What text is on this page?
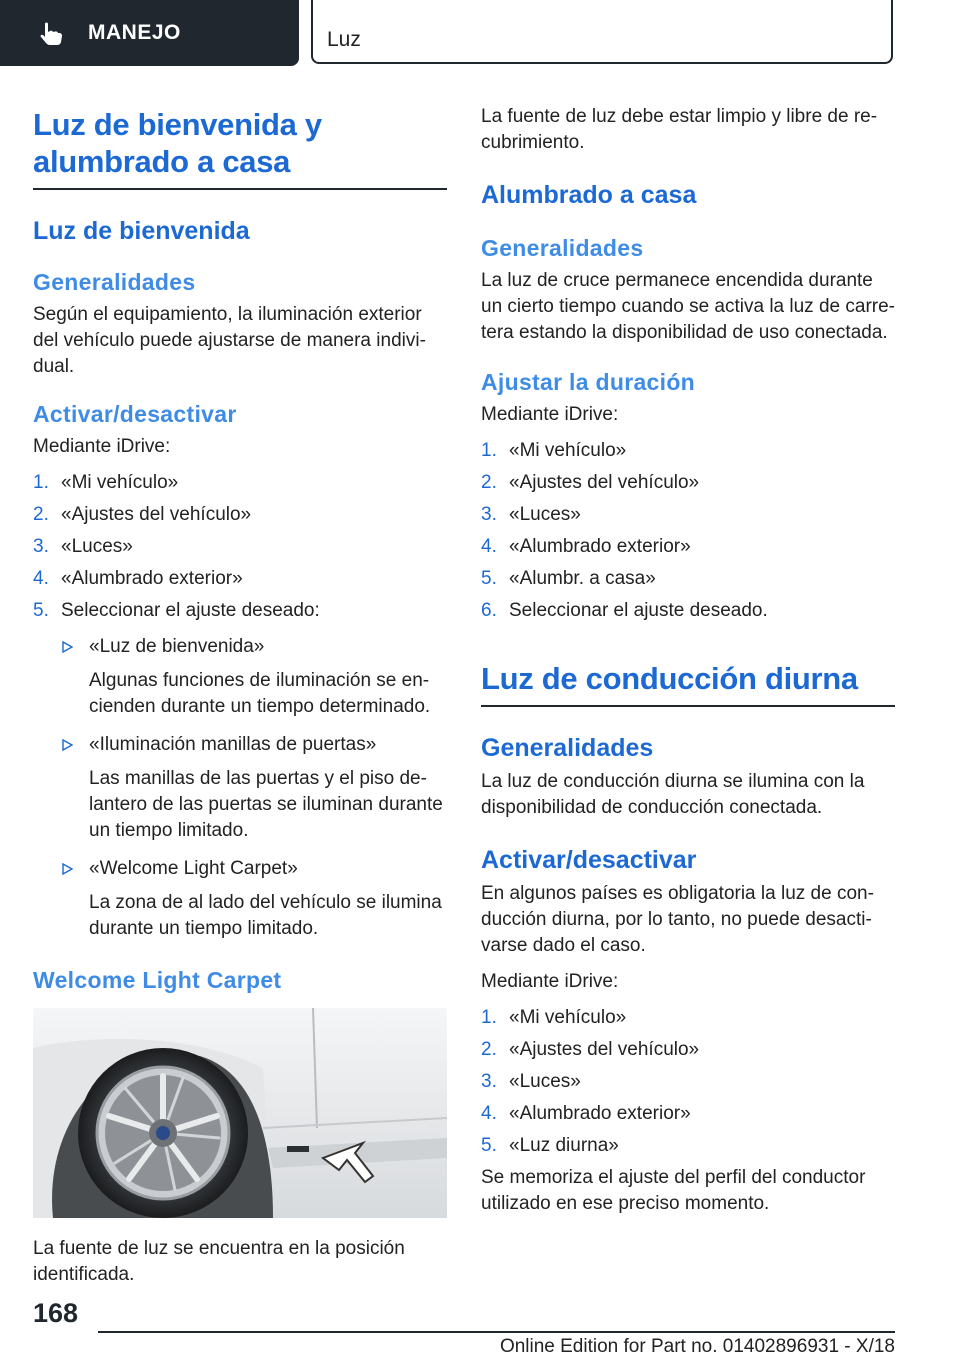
MANEJO	Luz
Luz de bienvenida y
alumbrado a casa
Luz de bienvenida
Generalidades

Según el equipamiento, la iluminación exterior
del vehículo puede ajustarse de manera indivi-
dual.

Activar/desactivar

Mediante iDrive:

1. «Mi vehículo»
2. «Ajustes del vehículo»
3. «Luces»
4. «Alumbrado exterior»
5. Seleccionar el ajuste deseado:
«Luz de bienvenida»
Algunas funciones de iluminación se en-
cienden durante un tiempo determinado.
«Iluminación manillas de puertas»
Las manillas de las puertas y el piso de-
lantero de las puertas se iluminan durante
un tiempo limitado.
«Welcome Light Carpet»
La zona de al lado del vehículo se ilumina
durante un tiempo limitado.
Welcome Light Carpet

La fuente de luz se encuentra en la posición
identificada.

La fuente de luz debe estar limpio y libre de re-
cubrimiento.

Alumbrado a casa
Generalidades

La luz de cruce permanece encendida durante
un cierto tiempo cuando se activa la luz de carre-
tera estando la disponibilidad de uso conectada.

Ajustar la duración

Mediante iDrive:

1. «Mi vehículo»
2. «Ajustes del vehículo»
3. «Luces»
4. «Alumbrado exterior»
5. «Alumbr. a casa»
6. Seleccionar el ajuste deseado.
Luz de conducción diurna
Generalidades

La luz de conducción diurna se ilumina con la
disponibilidad de conducción conectada.

Activar/desactivar

En algunos países es obligatoria la luz de con-
ducción diurna, por lo tanto, no puede desacti-
varse dado el caso.

Mediante iDrive:

1. «Mi vehículo»
2. «Ajustes del vehículo»
3. «Luces»
4. «Alumbrado exterior»
5. «Luz diurna»

Se memoriza el ajuste del perfil del conductor
utilizado en ese preciso momento.

168
Online Edition for Part no. 01402896931 - X/18
